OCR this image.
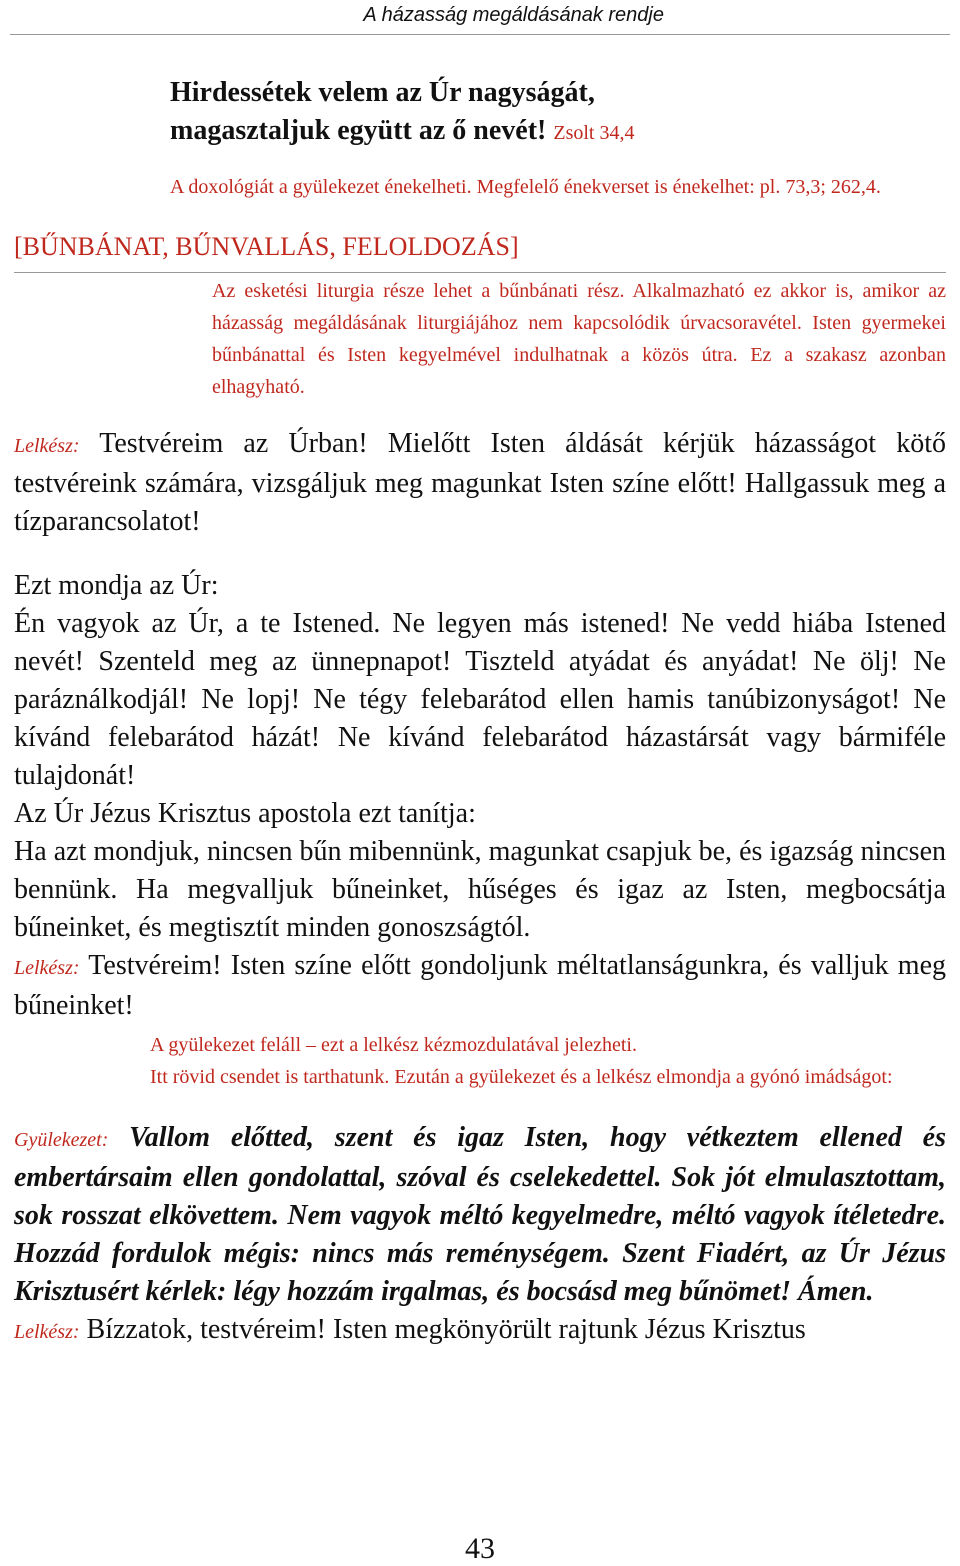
A házasság megáldásának rendje
Hirdessétek velem az Úr nagyságát,
magasztaljuk együtt az ő nevét! Zsolt 34,4
A doxológiát a gyülekezet énekelheti. Megfelelő énekverset is énekelhet: pl. 73,3; 262,4.
[BŰNBÁNAT, BŰNVALLÁS, FELOLDOZÁS]
Az esketési liturgia része lehet a bűnbánati rész. Alkalmazható ez akkor is, amikor az házasság megáldásának liturgiájához nem kapcsolódik úrvacsoravétel. Isten gyermekei bűnbánattal és Isten kegyelmével indulhatnak a közös útra. Ez a szakasz azonban elhagyható.
Lelkész: Testvéreim az Úrban! Mielőtt Isten áldását kérjük házasságot kötő testvéreink számára, vizsgáljuk meg magunkat Isten színe előtt! Hallgassuk meg a tízparancsolatot!
Ezt mondja az Úr:
Én vagyok az Úr, a te Istened. Ne legyen más istened! Ne vedd hiába Istened nevét! Szenteld meg az ünnepnapot! Tiszteld atyádat és anyádat! Ne ölj! Ne paráználkodjál! Ne lopj! Ne tégy felebarátod ellen hamis tanúbizonyságot! Ne kívánd felebarátod házát! Ne kívánd felebarátod házastársát vagy bármiféle tulajdonát!
Az Úr Jézus Krisztus apostola ezt tanítja:
Ha azt mondjuk, nincsen bűn mibennünk, magunkat csapjuk be, és igazság nincsen bennünk. Ha megvalljuk bűneinket, hűséges és igaz az Isten, megbocsátja bűneinket, és megtisztít minden gonoszságtól.
Lelkész: Testvéreim! Isten színe előtt gondoljunk méltatlanságunkra, és valljuk meg bűneinket!
A gyülekezet feláll – ezt a lelkész kézmozdulatával jelezheti.
Itt rövid csendet is tarthatunk. Ezután a gyülekezet és a lelkész elmondja a gyónó imádságot:
Gyülekezet: Vallom előtted, szent és igaz Isten, hogy vétkeztem ellened és embertársaim ellen gondolattal, szóval és cselekedettel. Sok jót elmulasztottam, sok rosszat elkövettem. Nem vagyok méltó kegyelmedre, méltó vagyok ítéletedre. Hozzád fordulok mégis: nincs más reménységem. Szent Fiadért, az Úr Jézus Krisztusért kérlek: légy hozzám irgalmas, és bocsásd meg bűnömet! Ámen.
Lelkész: Bízzatok, testvéreim! Isten megkönyörült rajtunk Jézus Krisztus
43
